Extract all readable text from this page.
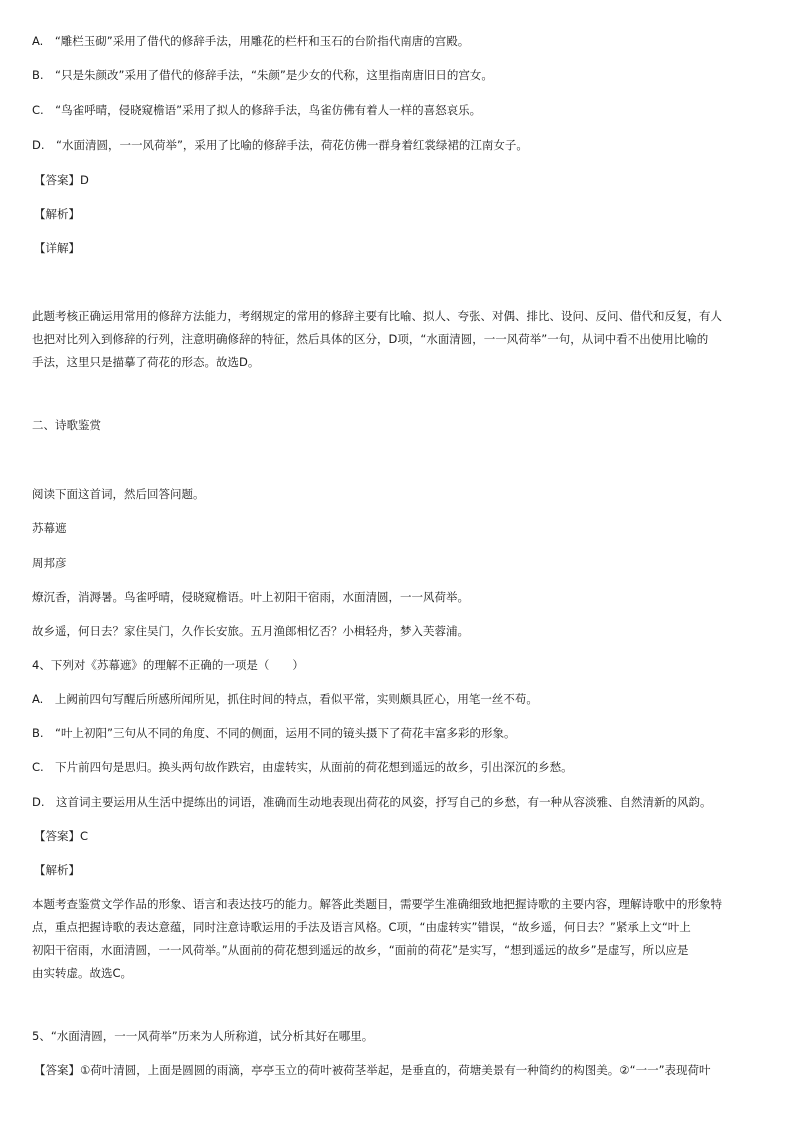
A.　“雕栏玉砌”采用了借代的修辞手法，用雕花的栏杆和玉石的台阶指代南唐的宫殿。
B.　“只是朱颜改”采用了借代的修辞手法，“朱颜”是少女的代称，这里指南唐旧日的宫女。
C.　“鸟雀呼晴，侵晓窥檐语”采用了拟人的修辞手法，鸟雀仿佛有着人一样的喜怒哀乐。
D.　“水面清圆，一一风荷举”，采用了比喻的修辞手法，荷花仿佛一群身着红裳绿裙的江南女子。
【答案】D
【解析】
【详解】
此题考核正确运用常用的修辞方法能力，考纲规定的常用的修辞主要有比喻、拟人、夸张、对偶、排比、设问、反问、借代和反复，有人
也把对比列入到修辞的行列，注意明确修辞的特征，然后具体的区分，D项，“水面清圆，一一风荷举”一句，从词中看不出使用比喻的
手法，这里只是描摹了荷花的形态。故选D。
二、诗歌鉴赏
阅读下面这首词，然后回答问题。
苏幕遮
周邦彦
燎沉香，消溽暑。鸟雀呼晴，侵晓窥檐语。叶上初阳干宿雨，水面清圆，一一风荷举。
故乡遥，何日去？家住吴门，久作长安旅。五月渔郎相忆否？小楫轻舟，梦入芙蓉浦。
4、下列对《苏幕遮》的理解不正确的一项是（　　）
A.　上阙前四句写醒后所感所闻所见，抓住时间的特点，看似平常，实则颇具匠心，用笔一丝不苟。
B.　“叶上初阳”三句从不同的角度、不同的侧面，运用不同的镜头摄下了荷花丰富多彩的形象。
C.　下片前四句是思归。换头两句故作跌宕，由虚转实，从面前的荷花想到遥远的故乡，引出深沉的乡愁。
D.　这首词主要运用从生活中提练出的词语，准确而生动地表现出荷花的风姿，抒写自己的乡愁，有一种从容淡雅、自然清新的风韵。
【答案】C
【解析】
本题考查鉴赏文学作品的形象、语言和表达技巧的能力。解答此类题目，需要学生准确细致地把握诗歌的主要内容，理解诗歌中的形象特
点，重点把握诗歌的表达意蕴，同时注意诗歌运用的手法及语言风格。C项，“由虚转实”错误，“故乡遥，何日去？”紧承上文“叶上
初阳干宿雨，水面清圆，一一风荷举。”从面前的荷花想到遥远的故乡，“面前的荷花”是实写，“想到遥远的故乡”是虚写，所以应是
由实转虚。故选C。
5、“水面清圆，一一风荷举”历来为人所称道，试分析其好在哪里。
【答案】①荷叶清圆，上面是圆圆的雨滴，亭亭玉立的荷叶被荷茎举起，是垂直的，荷塘美景有一种简约的构图美。②“一一”表现荷叶
